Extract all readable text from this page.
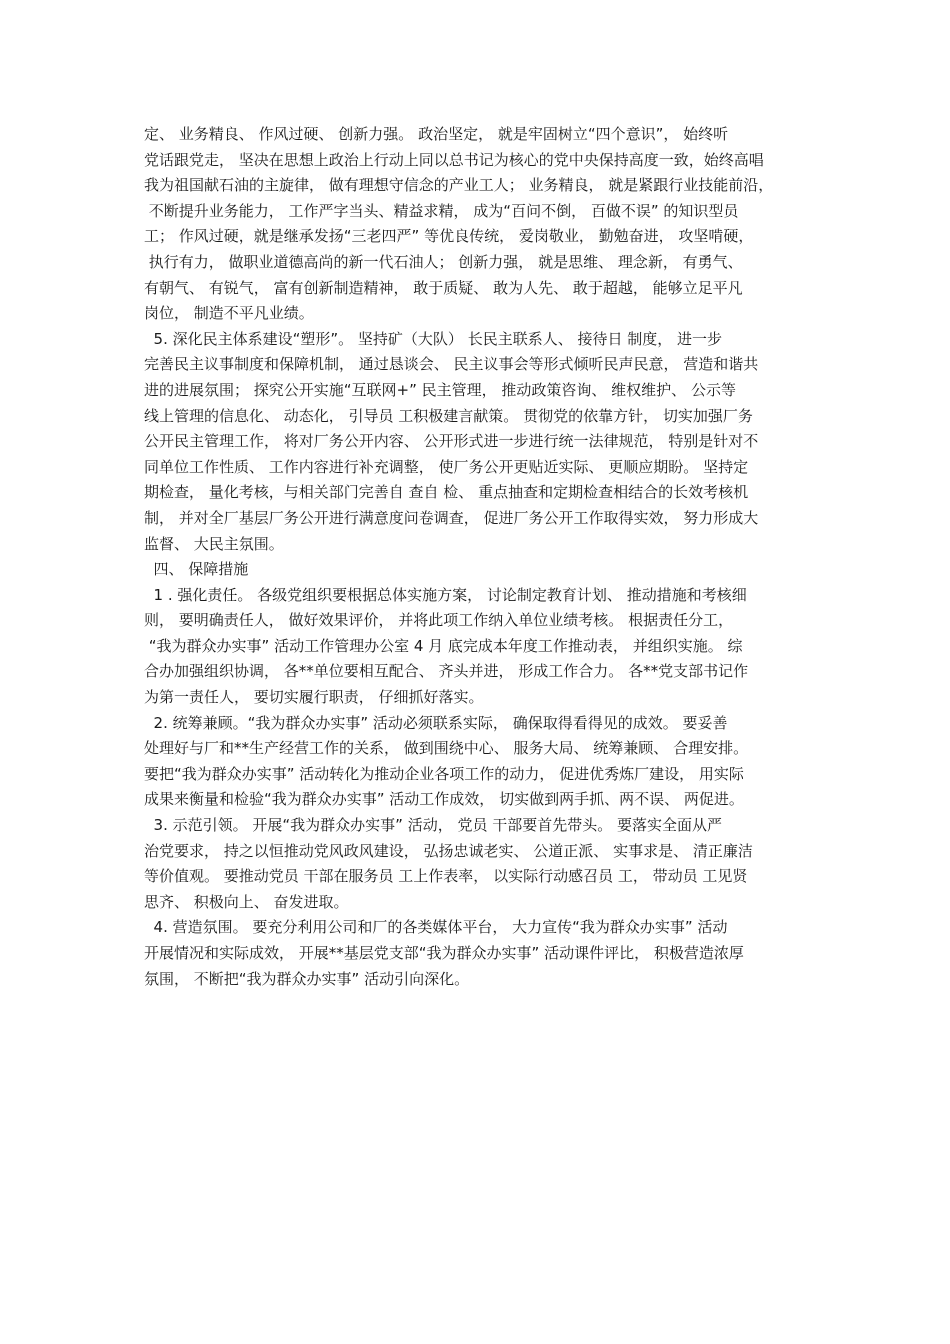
定、 业务精良、 作风过硬、 创新力强。 政治坚定， 就是牢固树立“四个意识”， 始终听
党话跟党走， 坚决在思想上政治上行动上同以总书记为核心的党中央保持高度一致，始终高唱
我为祖国献石油的主旋律， 做有理想守信念的产业工人； 业务精良， 就是紧跟行业技能前沿，
不断提升业务能力， 工作严字当头、精益求精， 成为“百问不倒， 百做不误” 的知识型员
工； 作风过硬，就是继承发扬“三老四严” 等优良传统， 爱岗敬业， 勤勉奋进， 攻坚啃硬，
执行有力， 做职业道德高尚的新一代石油人； 创新力强， 就是思维、 理念新， 有勇气、
有朝气、 有锐气， 富有创新制造精神， 敢于质疑、 敢为人先、 敢于超越， 能够立足平凡
岗位， 制造不平凡业绩。
5. 深化民主体系建设“塑形”。 坚持矿（大队） 长民主联系人、 接待日 制度， 进一步
完善民主议事制度和保障机制， 通过恳谈会、 民主议事会等形式倾听民声民意， 营造和谐共
进的进展氛围； 探究公开实施“互联网+” 民主管理， 推动政策咨询、 维权维护、 公示等
线上管理的信息化、 动态化， 引导员 工积极建言献策。 贯彻党的依靠方针， 切实加强厂务
公开民主管理工作， 将对厂务公开内容、 公开形式进一步进行统一法律规范， 特别是针对不
同单位工作性质、 工作内容进行补充调整， 使厂务公开更贴近实际、 更顺应期盼。 坚持定
期检查， 量化考核，与相关部门完善自 查自 检、 重点抽查和定期检查相结合的长效考核机
制， 并对全厂基层厂务公开进行满意度问卷调查， 促进厂务公开工作取得实效， 努力形成大
监督、 大民主氛围。
四、 保障措施
1 . 强化责任。 各级党组织要根据总体实施方案， 讨论制定教育计划、 推动措施和考核细
则， 要明确责任人， 做好效果评价， 并将此项工作纳入单位业绩考核。 根据责任分工，
“我为群众办实事” 活动工作管理办公室 4 月 底完成本年度工作推动表， 并组织实施。 综
合办加强组织协调， 各**单位要相互配合、 齐头并进， 形成工作合力。 各**党支部书记作
为第一责任人， 要切实履行职责， 仔细抓好落实。
2. 统筹兼顾。“我为群众办实事” 活动必须联系实际， 确保取得看得见的成效。 要妥善
处理好与厂和**生产经营工作的关系， 做到围绕中心、 服务大局、 统筹兼顾、 合理安排。
要把“我为群众办实事” 活动转化为推动企业各项工作的动力， 促进优秀炼厂建设， 用实际
成果来衡量和检验“我为群众办实事” 活动工作成效， 切实做到两手抓、两不误、 两促进。
3. 示范引领。 开展“我为群众办实事” 活动， 党员 干部要首先带头。 要落实全面从严
治党要求， 持之以恒推动党风政风建设， 弘扬忠诚老实、 公道正派、 实事求是、 清正廉洁
等价值观。 要推动党员 干部在服务员 工上作表率， 以实际行动感召员 工， 带动员 工见贤
思齐、 积极向上、 奋发进取。
4. 营造氛围。 要充分利用公司和厂的各类媒体平台， 大力宣传“我为群众办实事” 活动
开展情况和实际成效， 开展**基层党支部“我为群众办实事” 活动课件评比， 积极营造浓厚
氛围， 不断把“我为群众办实事” 活动引向深化。
